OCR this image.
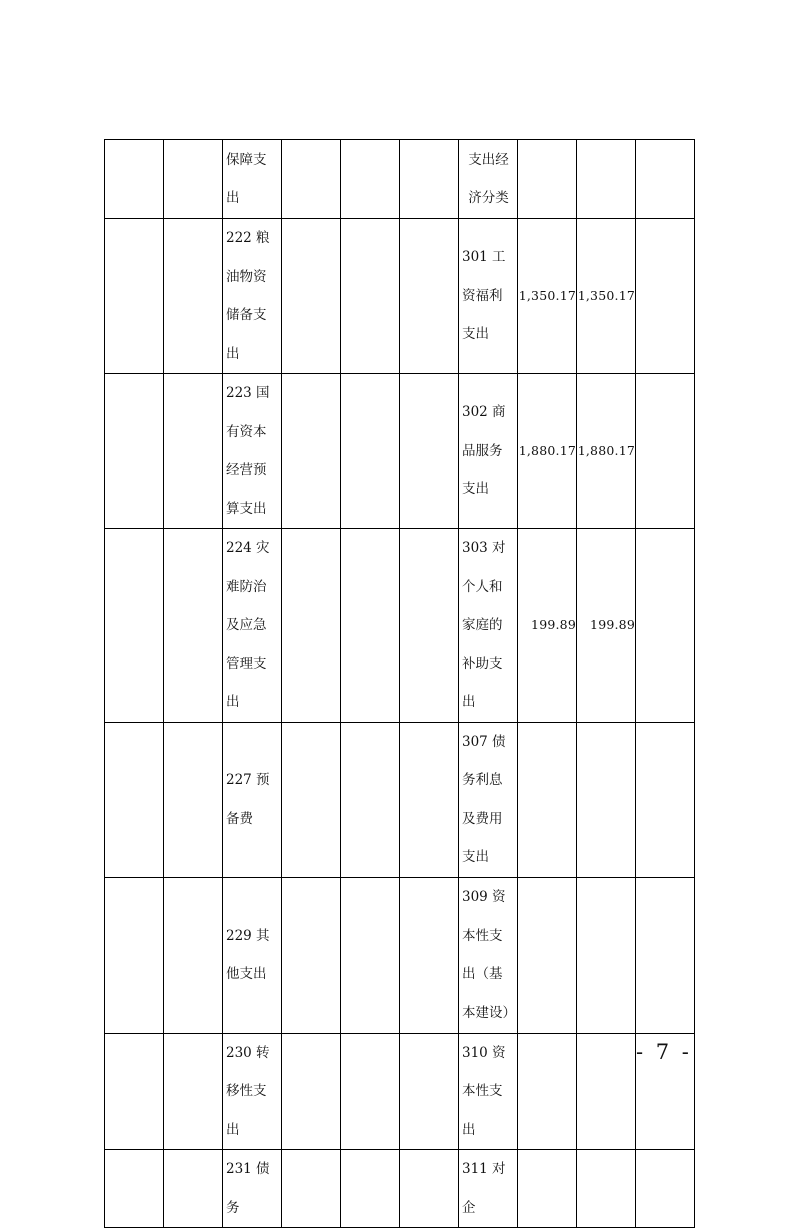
		保障支出				支出经济分类			
		222 粮油物资储备支出				301 工资福利支出	1,350.17	1,350.17	
		223 国有资本经营预算支出				302 商品服务支出	1,880.17	1,880.17	
		224 灾难防治及应急管理支出				303 对个人和家庭的补助支出	199.89	199.89	
		227 预备费				307 债务利息及费用支出			
		229 其他支出				309 资本性支出（基本建设）			
		230 转移性支出				310 资本性支出			
		231 债务				311 对企			
- 7 -
